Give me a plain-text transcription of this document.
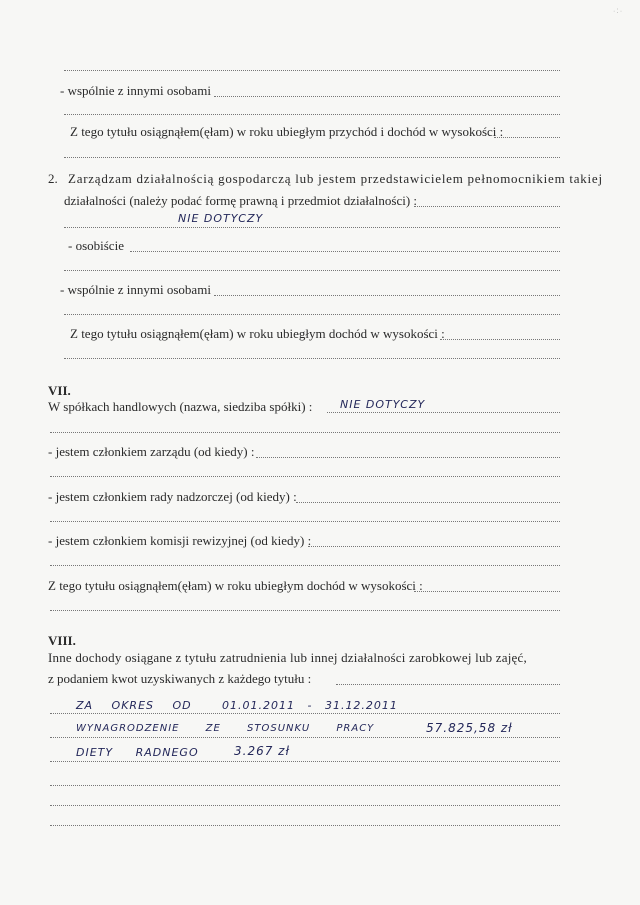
· ⁚ ·
- wspólnie z innymi osobami
Z tego tytułu osiągnąłem(ęłam) w roku ubiegłym przychód i dochód w wysokości :
2. Zarządzam działalnością gospodarczą lub jestem przedstawicielem pełnomocnikiem takiej
działalności (należy podać formę prawną i przedmiot działalności) :
NIE DOTYCZY
- osobiście
- wspólnie z innymi osobami
Z tego tytułu osiągnąłem(ęłam) w roku ubiegłym dochód w wysokości :
VII.
W spółkach handlowych (nazwa, siedziba spółki) :	NIE DOTYCZY
- jestem członkiem zarządu (od kiedy) :
- jestem członkiem rady nadzorczej (od kiedy) :
- jestem członkiem komisji rewizyjnej (od kiedy) :
Z tego tytułu osiągnąłem(ęłam) w roku ubiegłym dochód w wysokości :
VIII.
Inne dochody osiągane z tytułu zatrudnienia lub innej działalności zarobkowej lub zajęć,
z podaniem kwot uzyskiwanych z każdego tytułu :
ZA OKRES OD	01.01.2011 - 31.12.2011
WYNAGRODZENIE ZE STOSUNKU PRACY	57.825,58 zł
DIETY RADNEGO	3.267 zł
